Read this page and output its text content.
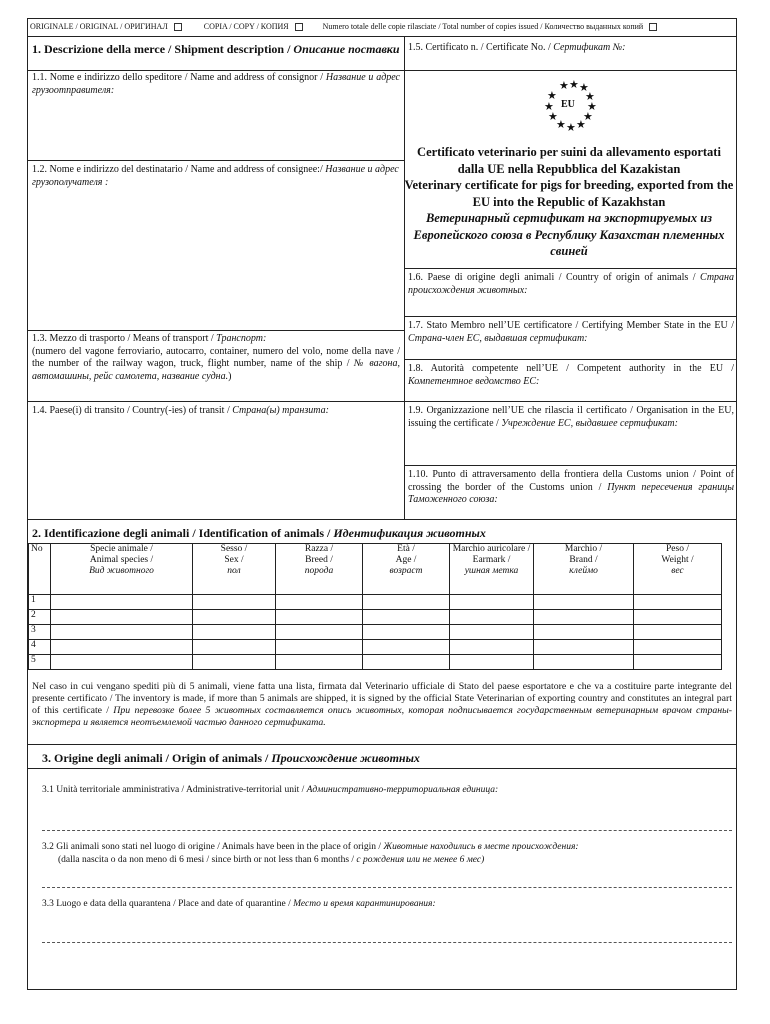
ORIGINALE / ORIGINAL / ОРИГИНАЛ	COPIA / COPY / КОПИЯ	Numero totale delle copie rilasciate / Total number of copies issued / Количество выданных копий
1. Descrizione della merce / Shipment description / Описание поставки
1.1. Nome e indirizzo dello speditore / Name and address of consignor / Название и адрес грузоотправителя:
1.2. Nome e indirizzo del destinatario / Name and address of consignee:/ Название и адрес грузополучателя :
1.3. Mezzo di trasporto / Means of transport / Транспорт:
(numero del vagone ferroviario, autocarro, container, numero del volo, nome della nave / the number of the railway wagon, truck, flight number, name of the ship / № вагона, автомашины, рейс самолета, название судна.)
1.4. Paese(i) di transito / Country(-ies) of transit / Страна(ы) транзита:
1.5. Certificato n. / Certificate No. / Сертификат №:
★ ★ ★
★
★
★
★
★
★
★
★
★
EU
Certificato veterinario per suini da allevamento esportati dalla UE nella Repubblica del Kazakistan
Veterinary certificate for pigs for breeding, exported from the EU into the Republic of Kazakhstan
Ветеринарный сертификат на экспортируемых из Европейского союза в Республику Казахстан племенных свиней
1.6. Paese di origine degli animali / Country of origin of animals / Страна происхождения животных:
1.7. Stato Membro nell’UE certificatore / Certifying Member State in the EU / Страна-член ЕС, выдавшая сертификат:
1.8. Autorità competente nell’UE / Competent authority in the EU / Компетентное ведомство ЕС:
1.9. Organizzazione nell’UE che rilascia il certificato / Organisation in the EU, issuing the certificate / Учреждение ЕС, выдавшее сертификат:
1.10. Punto di attraversamento della frontiera della Customs union / Point of crossing the border of the Customs union / Пункт пересечения границы Таможенного союза:
2. Identificazione degli animali / Identification of animals / Идентификация животных
No	Specie animale /
Animal species /
Вид животного	Sesso /
Sex /
пол	Razza /
Breed /
порода	Età /
Age /
возраст	Marchio auricolare /
Earmark /
ушная метка	Marchio /
Brand /
клеймо	Peso /
Weight /
вес
1							
2							
3							
4							
5							
Nel caso in cui vengano spediti più di 5 animali, viene fatta una lista, firmata dal Veterinario ufficiale di Stato del paese esportatore e che va a costituire parte integrante del presente certificato / The inventory is made, if more than 5 animals are shipped, it is signed by the official State Veterinarian of exporting country and constitutes an integral part of this certificate / При перевозке более 5 животных составляется опись животных, которая подписывается государственным ветеринарным врачом страны-экспортера и является неотъемлемой частью данного сертификата.
3. Origine degli animali / Origin of animals / Происхождение животных
3.1 Unità territoriale amministrativa / Administrative-territorial unit / Административно-территориальная единица:
3.2 Gli animali sono stati nel luogo di origine / Animals have been in the place of origin / Животные находились в месте происхождения:
(dalla nascita o da non meno di 6 mesi / since birth or not less than 6 months / с рождения или не менее 6 мес)
3.3 Luogo e data della quarantena / Place and date of quarantine / Место и время карантинирования:
